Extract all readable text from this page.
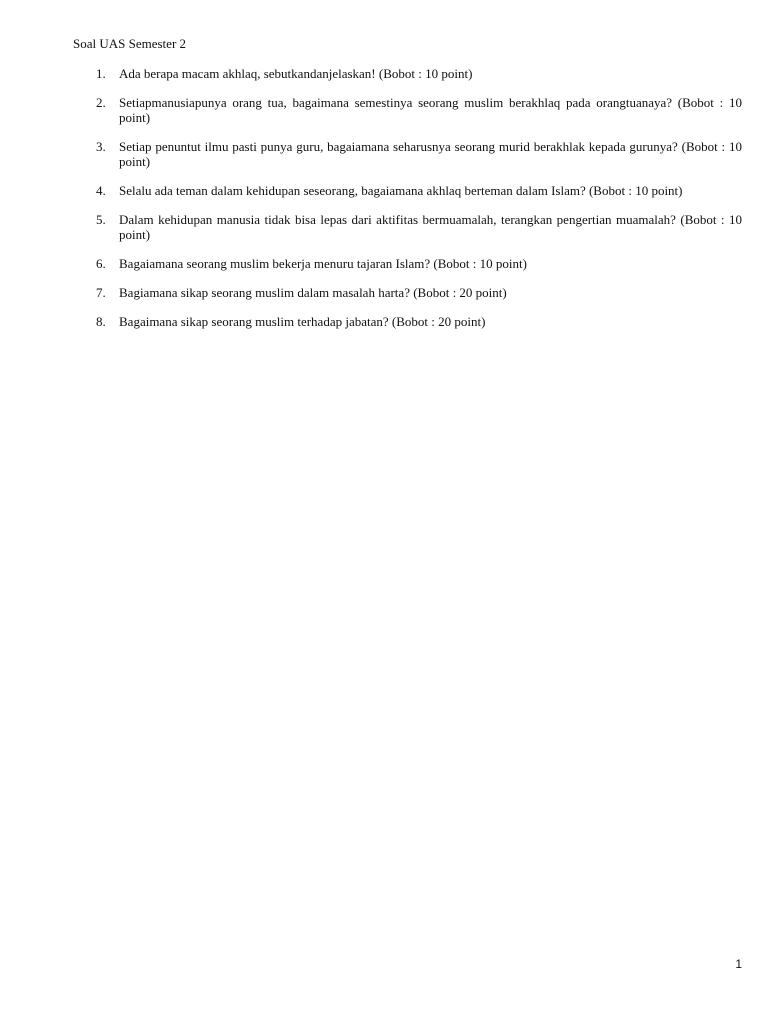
Soal UAS Semester 2
1.	Ada berapa macam akhlaq, sebutkandanjelaskan! (Bobot : 10 point)
2.	Setiapmanusiapunya orang tua, bagaimana semestinya seorang muslim berakhlaq pada orangtuanaya? (Bobot : 10 point)
3.	Setiap penuntut ilmu pasti punya guru, bagaiamana seharusnya seorang murid berakhlak kepada gurunya? (Bobot : 10 point)
4.	Selalu ada teman dalam kehidupan seseorang, bagaiamana akhlaq berteman dalam Islam? (Bobot : 10 point)
5.	Dalam kehidupan manusia tidak bisa lepas dari aktifitas bermuamalah, terangkan pengertian muamalah? (Bobot : 10 point)
6.	Bagaiamana seorang muslim bekerja menuru tajaran Islam? (Bobot : 10 point)
7.	Bagiamana sikap seorang muslim dalam masalah harta? (Bobot : 20 point)
8.	Bagaimana sikap seorang muslim terhadap jabatan? (Bobot : 20 point)
1
